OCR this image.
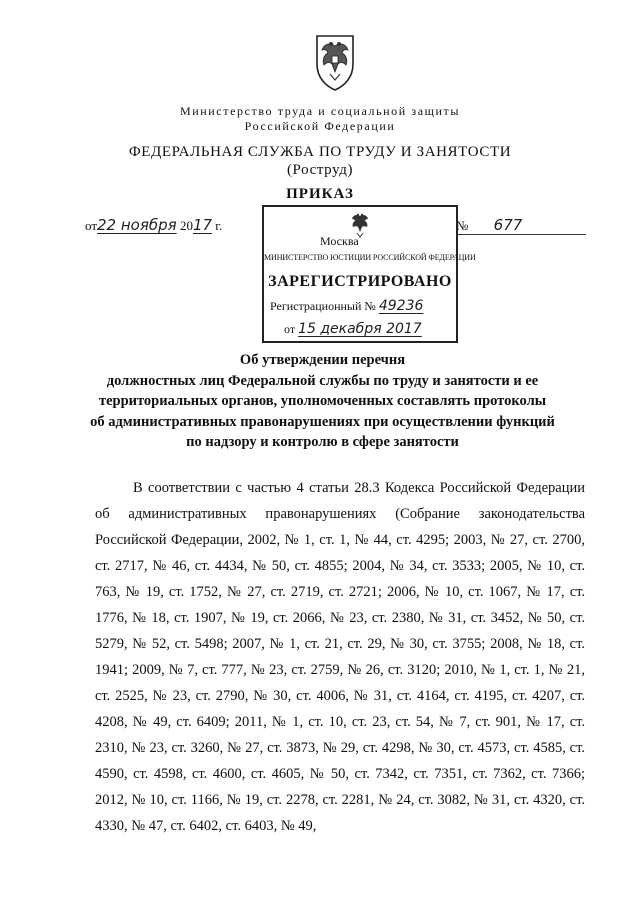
Министерство труда и социальной защиты
Российской Федерации
ФЕДЕРАЛЬНАЯ СЛУЖБА ПО ТРУДУ И ЗАНЯТОСТИ
(Роструд)
ПРИКАЗ
от22 ноября 2017 г.	№ 677
Москва
МИНИСТЕРСТВО ЮСТИЦИИ РОССИЙСКОЙ ФЕДЕРАЦИИ
ЗАРЕГИСТРИРОВАНО
Регистрационный № 49236
от 15 декабря 2017
Об утверждении перечня
должностных лиц Федеральной службы по труду и занятости и ее
территориальных органов, уполномоченных составлять протоколы
об административных правонарушениях при осуществлении функций
по надзору и контролю в сфере занятости

В соответствии с частью 4 статьи 28.3 Кодекса Российской Федерации об административных правонарушениях (Собрание законодательства Российской Федерации, 2002, № 1, ст. 1, № 44, ст. 4295; 2003, № 27, ст. 2700, ст. 2717, № 46, ст. 4434, № 50, ст. 4855; 2004, № 34, ст. 3533; 2005, № 10, ст. 763, № 19, ст. 1752, № 27, ст. 2719, ст. 2721; 2006, № 10, ст. 1067, № 17, ст. 1776, № 18, ст. 1907, № 19, ст. 2066, № 23, ст. 2380, № 31, ст. 3452, № 50, ст. 5279, № 52, ст. 5498; 2007, № 1, ст. 21, ст. 29, № 30, ст. 3755; 2008, № 18, ст. 1941; 2009, № 7, ст. 777, № 23, ст. 2759, № 26, ст. 3120; 2010, № 1, ст. 1, № 21, ст. 2525, № 23, ст. 2790, № 30, ст. 4006, № 31, ст. 4164, ст. 4195, ст. 4207, ст. 4208, № 49, ст. 6409; 2011, № 1, ст. 10, ст. 23, ст. 54, № 7, ст. 901, № 17, ст. 2310, № 23, ст. 3260, № 27, ст. 3873, № 29, ст. 4298, № 30, ст. 4573, ст. 4585, ст. 4590, ст. 4598, ст. 4600, ст. 4605, № 50, ст. 7342, ст. 7351, ст. 7362, ст. 7366; 2012, № 10, ст. 1166, № 19, ст. 2278, ст. 2281, № 24, ст. 3082, № 31, ст. 4320, ст. 4330, № 47, ст. 6402, ст. 6403, № 49,
